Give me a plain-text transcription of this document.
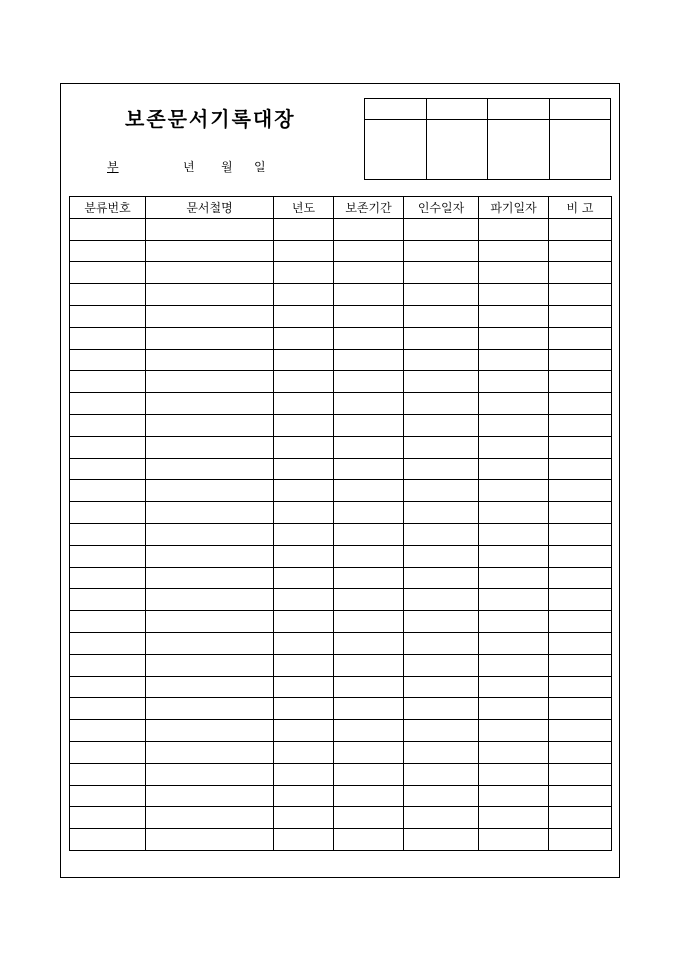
보존문서기록대장
부	년 월 일

분류번호	문서철명	년도	보존기간	인수일자	파기일자	비 고
